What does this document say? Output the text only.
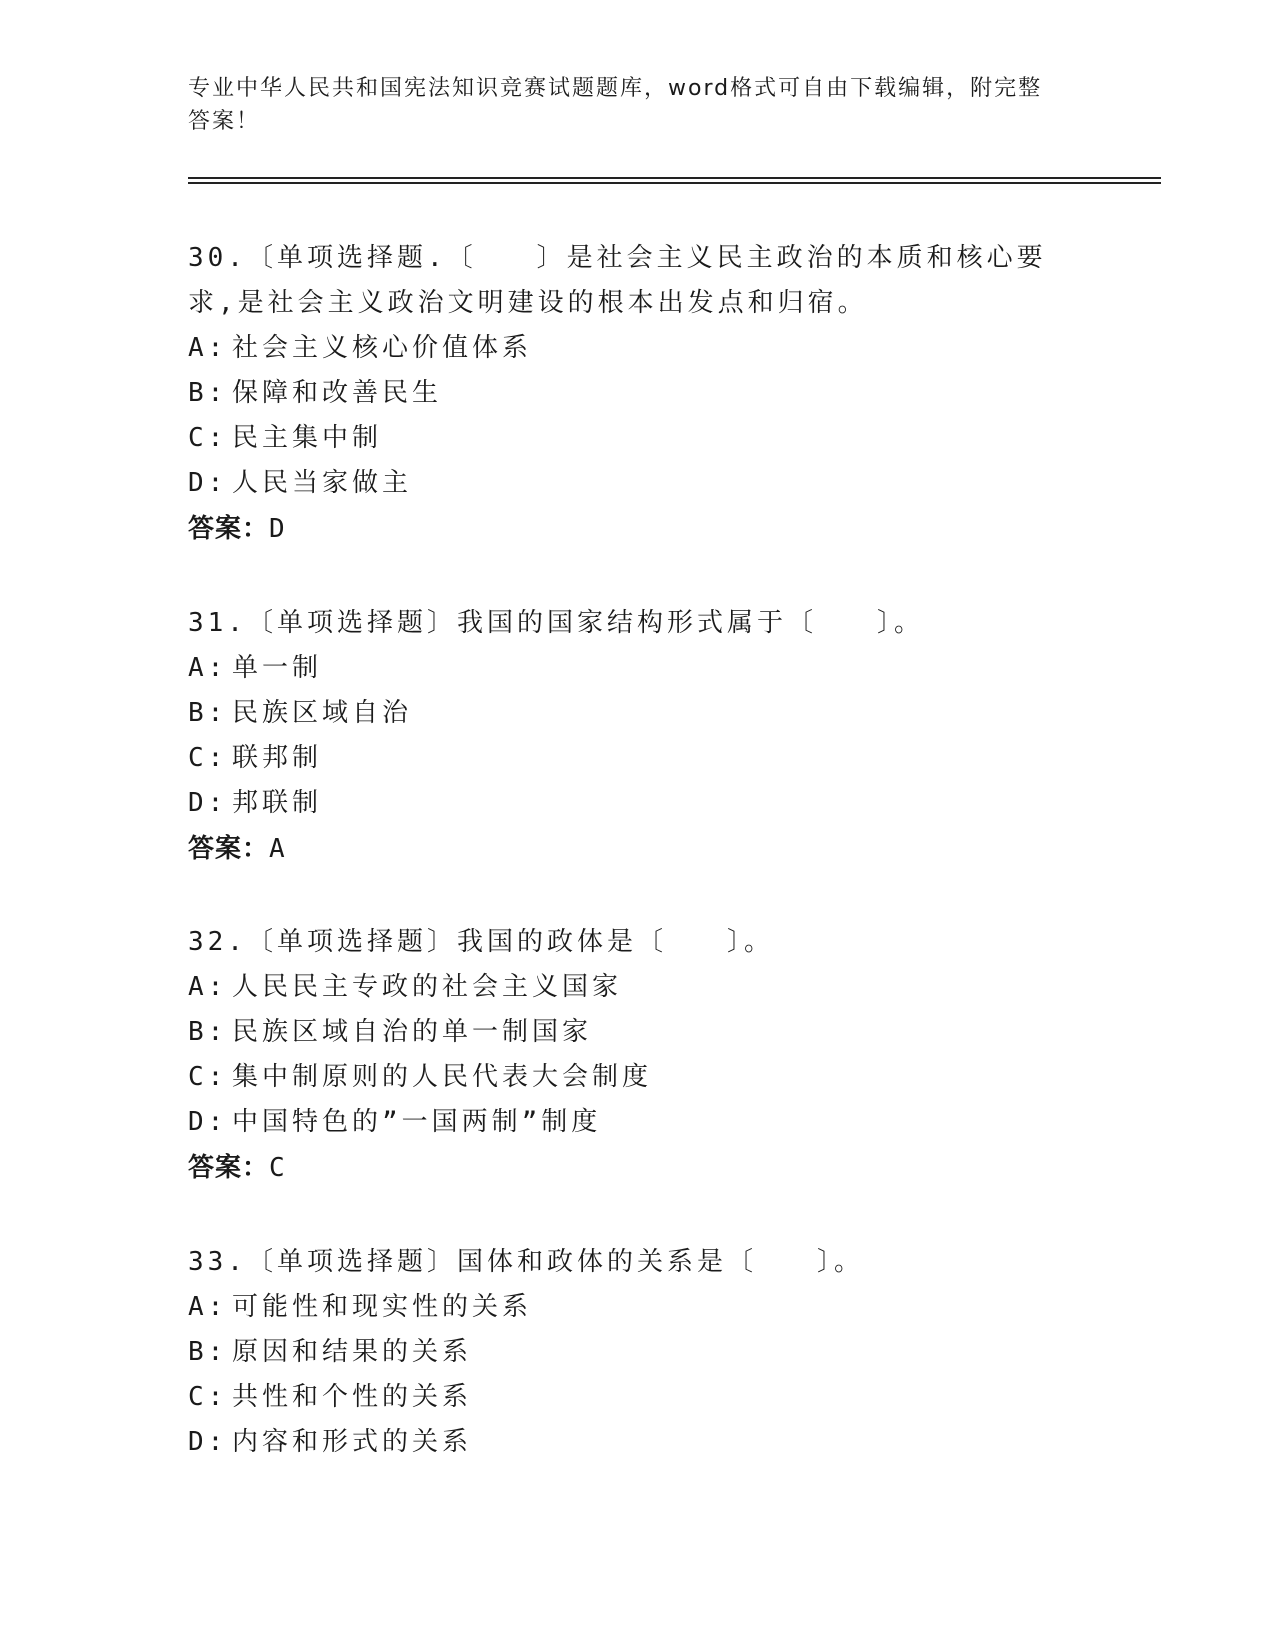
专业中华人民共和国宪法知识竞赛试题题库，word格式可自由下载编辑，附完整
答案！
30.〔单项选择题.〔　　〕是社会主义民主政治的本质和核心要求,是社会主义政治文明建设的根本出发点和归宿。
A: 社会主义核心价值体系
B: 保障和改善民生
C: 民主集中制
D: 人民当家做主
答案：D
31.〔单项选择题〕我国的国家结构形式属于〔　　〕。
A: 单一制
B: 民族区域自治
C: 联邦制
D: 邦联制
答案：A
32.〔单项选择题〕我国的政体是〔　　〕。
A: 人民民主专政的社会主义国家
B: 民族区域自治的单一制国家
C: 集中制原则的人民代表大会制度
D: 中国特色的”一国两制”制度
答案：C
33.〔单项选择题〕国体和政体的关系是〔　　〕。
A: 可能性和现实性的关系
B: 原因和结果的关系
C: 共性和个性的关系
D: 内容和形式的关系
